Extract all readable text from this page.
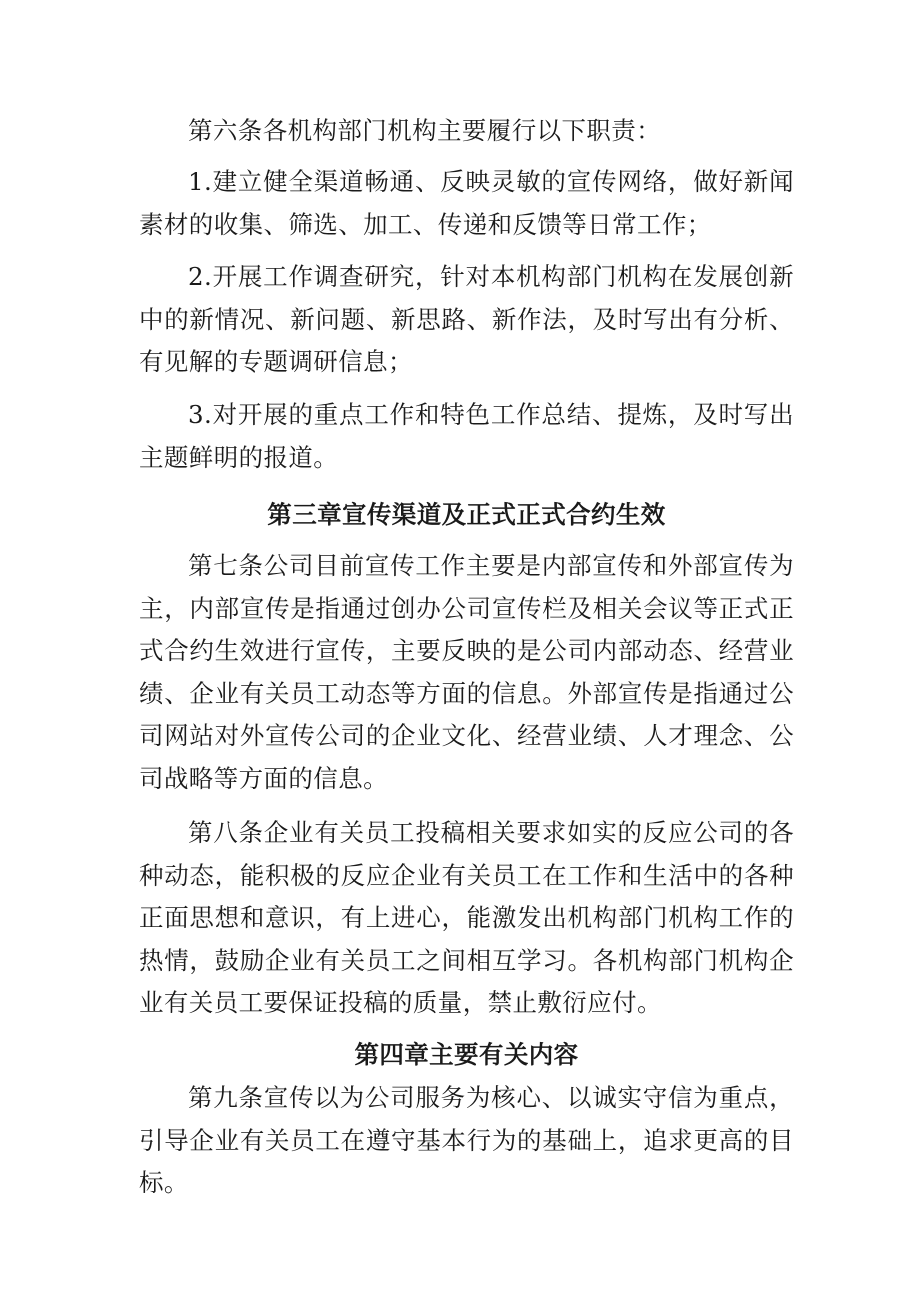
第六条各机构部门机构主要履行以下职责：

1.建立健全渠道畅通、反映灵敏的宣传网络，做好新闻素材的收集、筛选、加工、传递和反馈等日常工作；

2.开展工作调查研究，针对本机构部门机构在发展创新中的新情况、新问题、新思路、新作法，及时写出有分析、有见解的专题调研信息；

3.对开展的重点工作和特色工作总结、提炼，及时写出主题鲜明的报道。

第三章宣传渠道及正式正式合约生效

第七条公司目前宣传工作主要是内部宣传和外部宣传为主，内部宣传是指通过创办公司宣传栏及相关会议等正式正式合约生效进行宣传，主要反映的是公司内部动态、经营业绩、企业有关员工动态等方面的信息。外部宣传是指通过公司网站对外宣传公司的企业文化、经营业绩、人才理念、公司战略等方面的信息。

第八条企业有关员工投稿相关要求如实的反应公司的各种动态，能积极的反应企业有关员工在工作和生活中的各种正面思想和意识，有上进心，能激发出机构部门机构工作的热情，鼓励企业有关员工之间相互学习。各机构部门机构企业有关员工要保证投稿的质量，禁止敷衍应付。

第四章主要有关内容

第九条宣传以为公司服务为核心、以诚实守信为重点，引导企业有关员工在遵守基本行为的基础上，追求更高的目标。
